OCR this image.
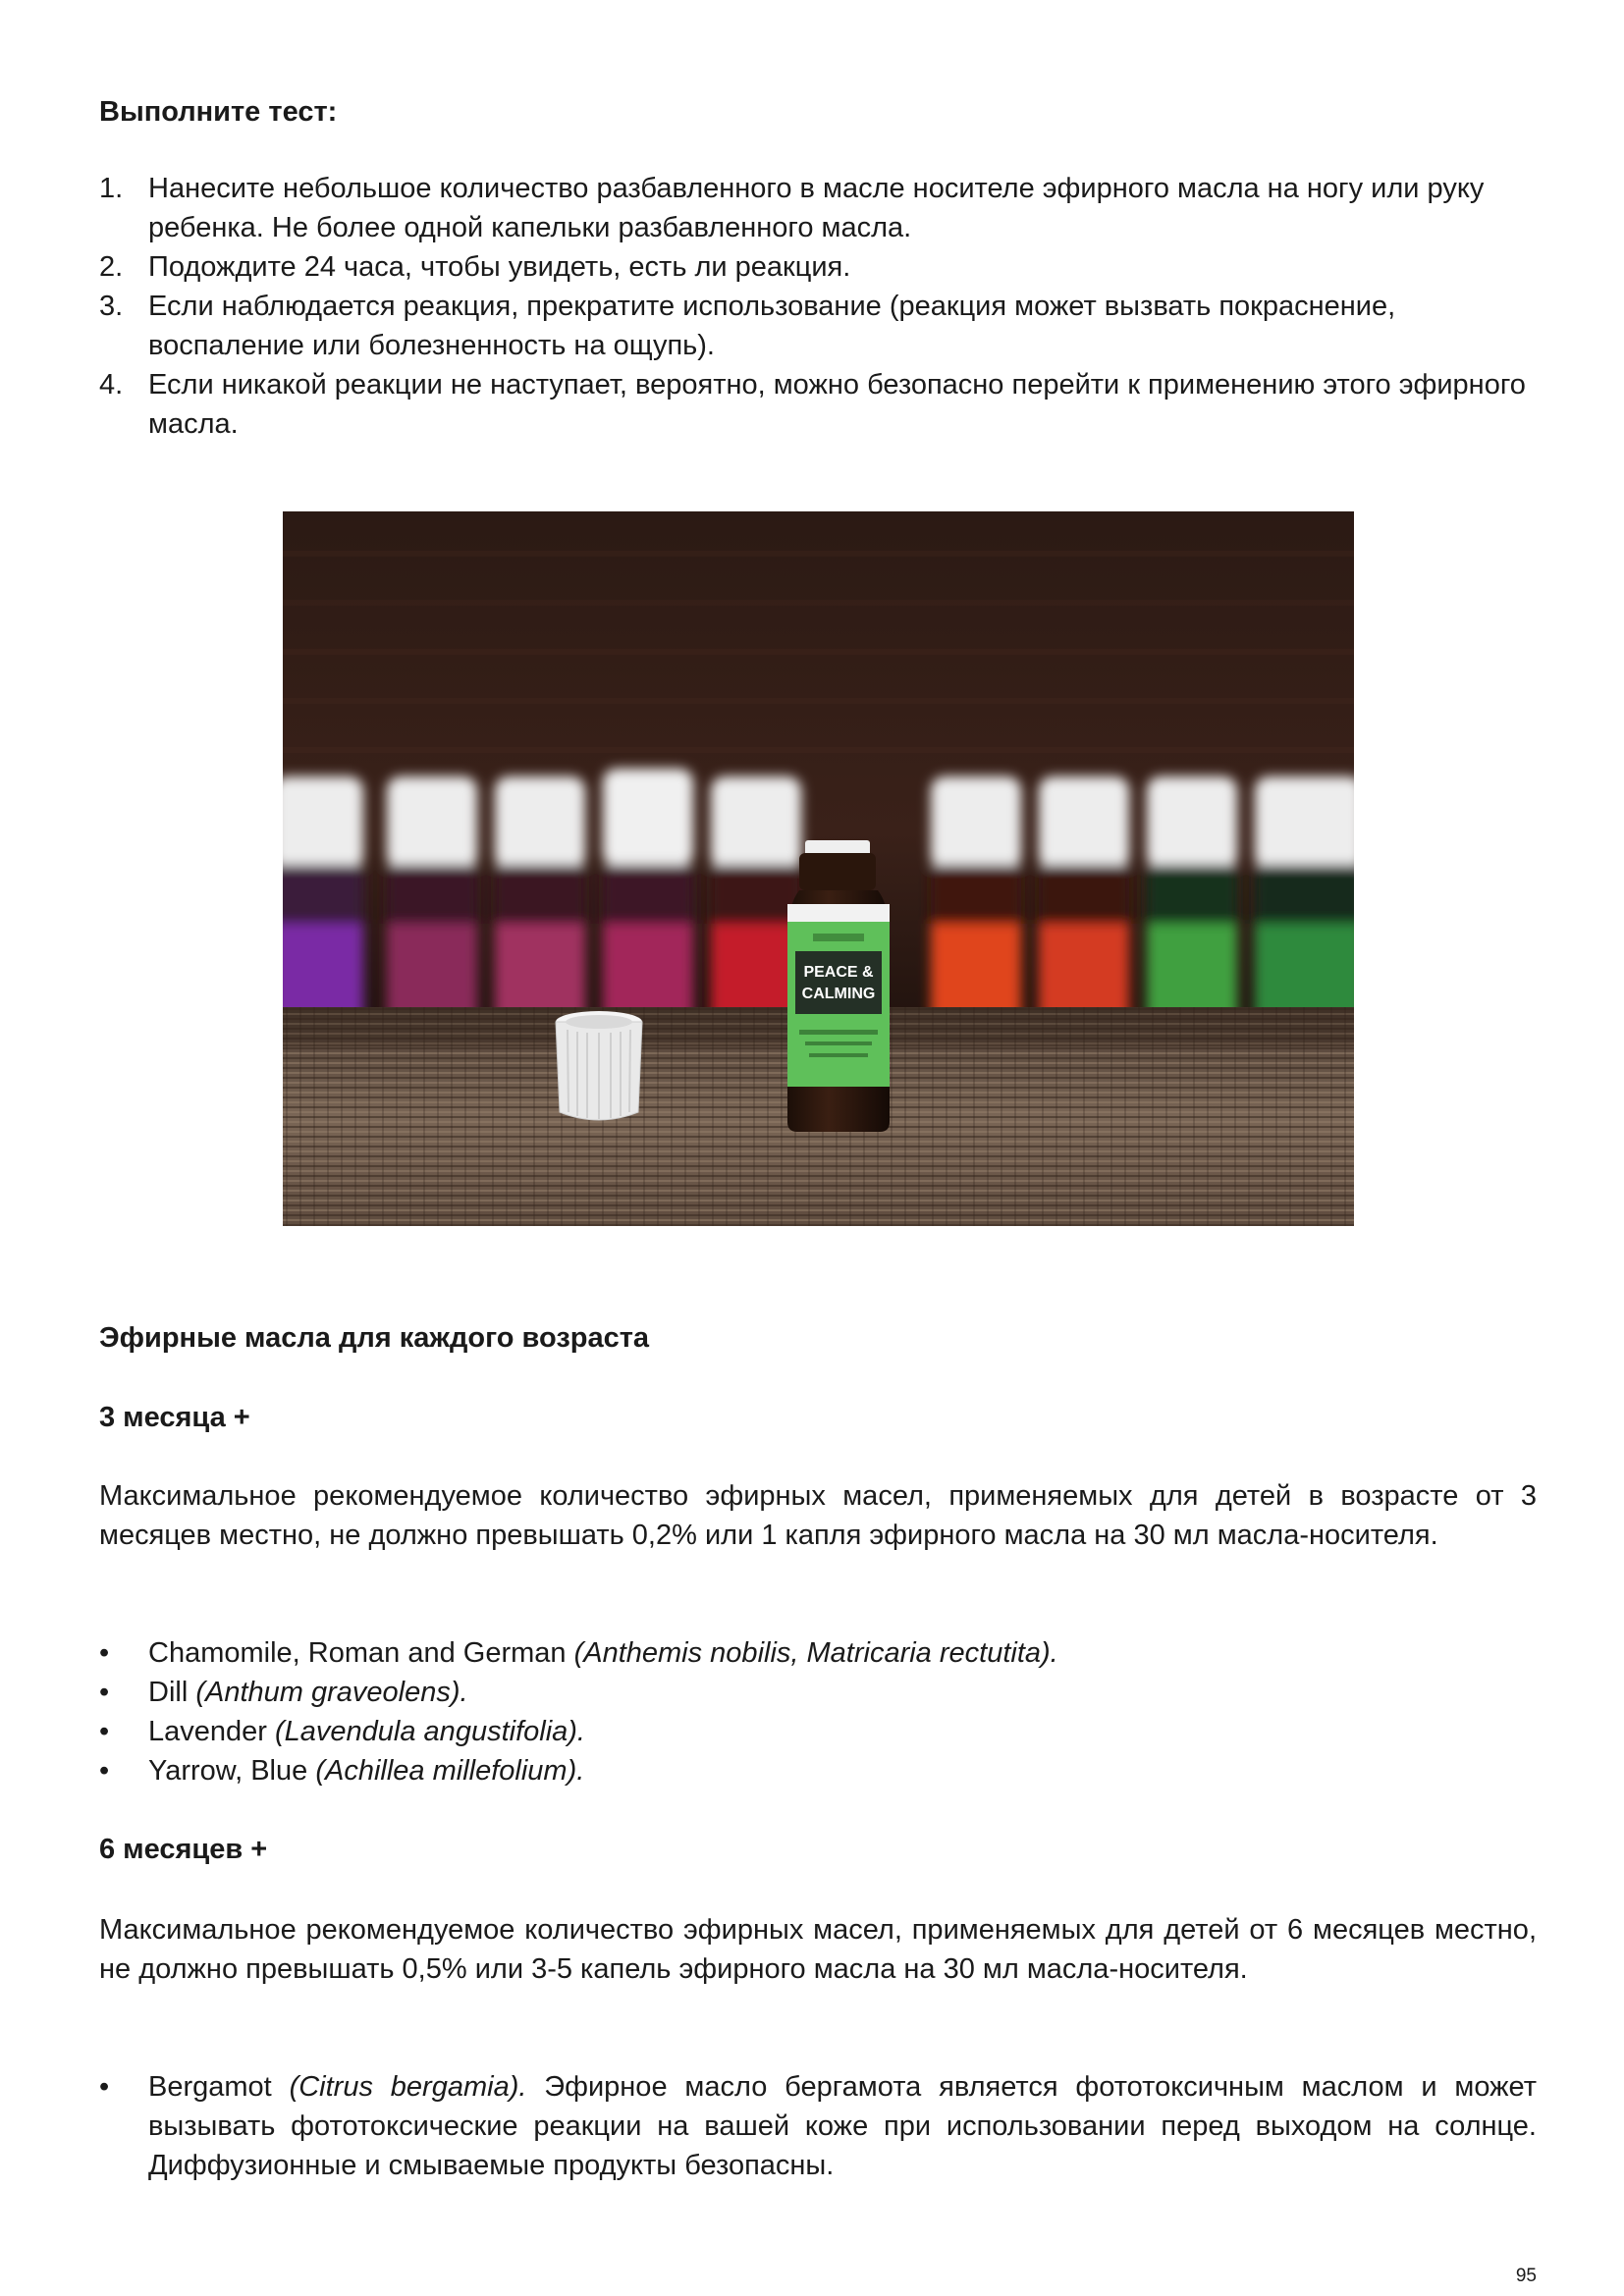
Выполните тест:
1. Нанесите небольшое количество разбавленного в масле носителе эфирного масла на ногу или руку ребенка. Не более одной капельки разбавленного масла.
2. Подождите 24 часа, чтобы увидеть, есть ли реакция.
3. Если наблюдается реакция, прекратите использование (реакция может вызвать покраснение, воспаление или болезненность на ощупь).
4. Если никакой реакции не наступает, вероятно, можно безопасно перейти к применению этого эфирного масла.
PEACE &
CALMING
Эфирные масла для каждого возраста
3 месяца +

Максимальное рекомендуемое количество эфирных масел, применяемых для детей в возрасте от 3 месяцев местно, не должно превышать 0,2% или 1 капля эфирного масла на 30 мл масла-носителя.

• Chamomile, Roman and German (Anthemis nobilis, Matricaria rectutita).
• Dill (Anthum graveolens).
• Lavender (Lavendula angustifolia).
• Yarrow, Blue (Achillea millefolium).
6 месяцев +

Максимальное рекомендуемое количество эфирных масел, применяемых для детей от 6 месяцев местно, не должно превышать 0,5% или 3-5 капель эфирного масла на 30 мл масла-носителя.

• Bergamot (Citrus bergamia). Эфирное масло бергамота является фототоксичным маслом и может вызывать фототоксические реакции на вашей коже при использовании перед выходом на солнце. Диффузионные и смываемые продукты безопасны.
95
